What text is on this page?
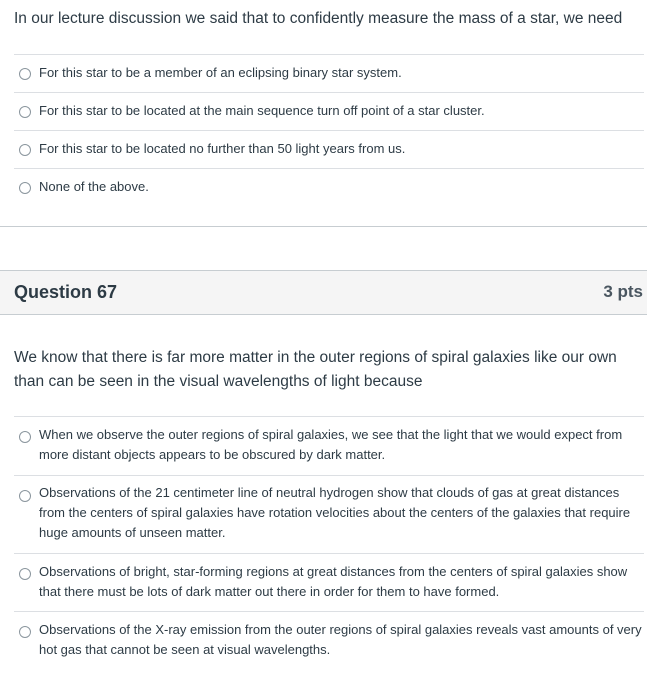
In our lecture discussion we said that to confidently measure the mass of a star, we need
For this star to be a member of an eclipsing binary star system.
For this star to be located at the main sequence turn off point of a star cluster.
For this star to be located no further than 50 light years from us.
None of the above.
Question 67	3 pts
We know that there is far more matter in the outer regions of spiral galaxies like our own than can be seen in the visual wavelengths of light because
When we observe the outer regions of spiral galaxies, we see that the light that we would expect from more distant objects appears to be obscured by dark matter.
Observations of the 21 centimeter line of neutral hydrogen show that clouds of gas at great distances from the centers of spiral galaxies have rotation velocities about the centers of the galaxies that require huge amounts of unseen matter.
Observations of bright, star-forming regions at great distances from the centers of spiral galaxies show that there must be lots of dark matter out there in order for them to have formed.
Observations of the X-ray emission from the outer regions of spiral galaxies reveals vast amounts of very hot gas that cannot be seen at visual wavelengths.
